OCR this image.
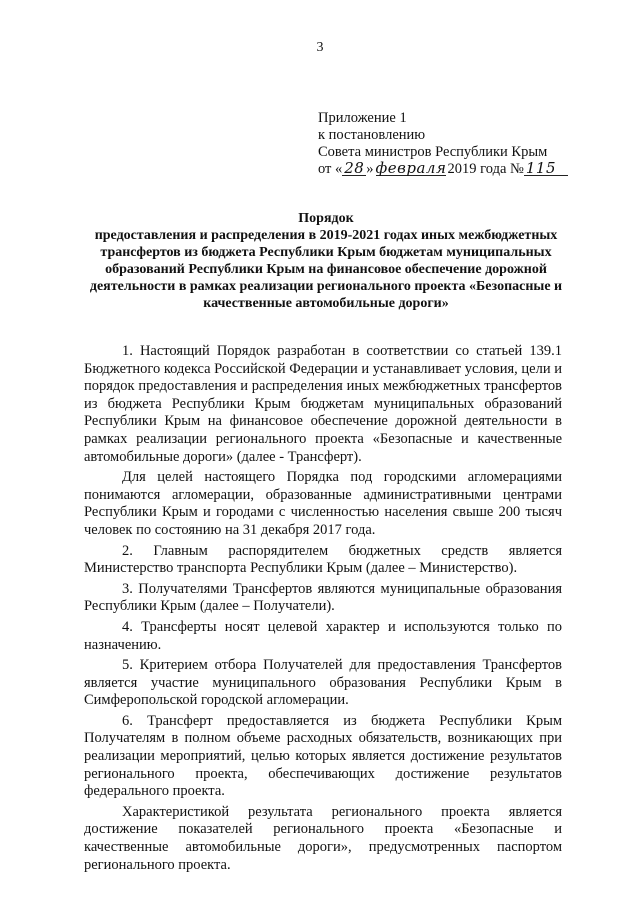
3
Приложение 1
к постановлению
Совета министров Республики Крым
от « 28 » февраля2019 года № 115
Порядок
предоставления и распределения в 2019-2021 годах иных межбюджетных трансфертов из бюджета Республики Крым бюджетам муниципальных образований Республики Крым на финансовое обеспечение дорожной деятельности в рамках реализации регионального проекта «Безопасные и качественные автомобильные дороги»

1. Настоящий Порядок разработан в соответствии со статьей 139.1 Бюджетного кодекса Российской Федерации и устанавливает условия, цели и порядок предоставления и распределения иных межбюджетных трансфертов из бюджета Республики Крым бюджетам муниципальных образований Республики Крым на финансовое обеспечение дорожной деятельности в рамках реализации регионального проекта «Безопасные и качественные автомобильные дороги» (далее - Трансферт).

Для целей настоящего Порядка под городскими агломерациями понимаются агломерации, образованные административными центрами Республики Крым и городами с численностью населения свыше 200 тысяч человек по состоянию на 31 декабря 2017 года.

2. Главным распорядителем бюджетных средств является Министерство транспорта Республики Крым (далее – Министерство).

3. Получателями Трансфертов являются муниципальные образования Республики Крым (далее – Получатели).

4. Трансферты носят целевой характер и используются только по назначению.

5. Критерием отбора Получателей для предоставления Трансфертов является участие муниципального образования Республики Крым в Симферопольской городской агломерации.

6. Трансферт предоставляется из бюджета Республики Крым Получателям в полном объеме расходных обязательств, возникающих при реализации мероприятий, целью которых является достижение результатов регионального проекта, обеспечивающих достижение результатов федерального проекта.

Характеристикой результата регионального проекта является достижение показателей регионального проекта «Безопасные и качественные автомобильные дороги», предусмотренных паспортом регионального проекта.
